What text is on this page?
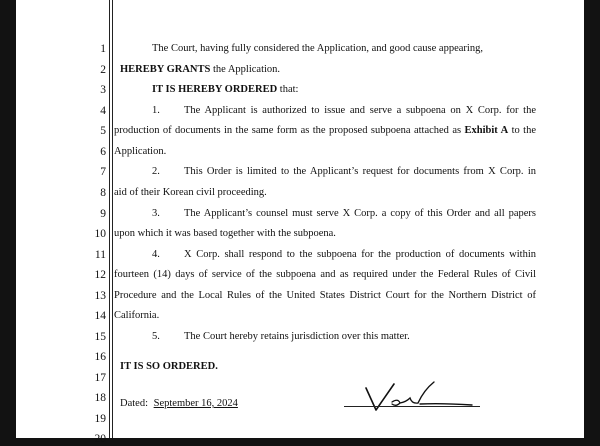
1
2
3
4
5
6
7
8
9
10
11
12
13
14
15
16
17
18
19
20
The Court, having fully considered the Application, and good cause appearing,
HEREBY GRANTS the Application.
IT IS HEREBY ORDERED that:
1. The Applicant is authorized to issue and serve a subpoena on X Corp. for the
production of documents in the same form as the proposed subpoena attached as Exhibit A to the
Application.
2. This Order is limited to the Applicant’s request for documents from X Corp. in
aid of their Korean civil proceeding.
3. The Applicant’s counsel must serve X Corp. a copy of this Order and all papers
upon which it was based together with the subpoena.
4. X Corp. shall respond to the subpoena for the production of documents within
fourteen (14) days of service of the subpoena and as required under the Federal Rules of Civil
Procedure and the Local Rules of the United States District Court for the Northern District of
California.
5. The Court hereby retains jurisdiction over this matter.
IT IS SO ORDERED.
Dated: September 16, 2024
